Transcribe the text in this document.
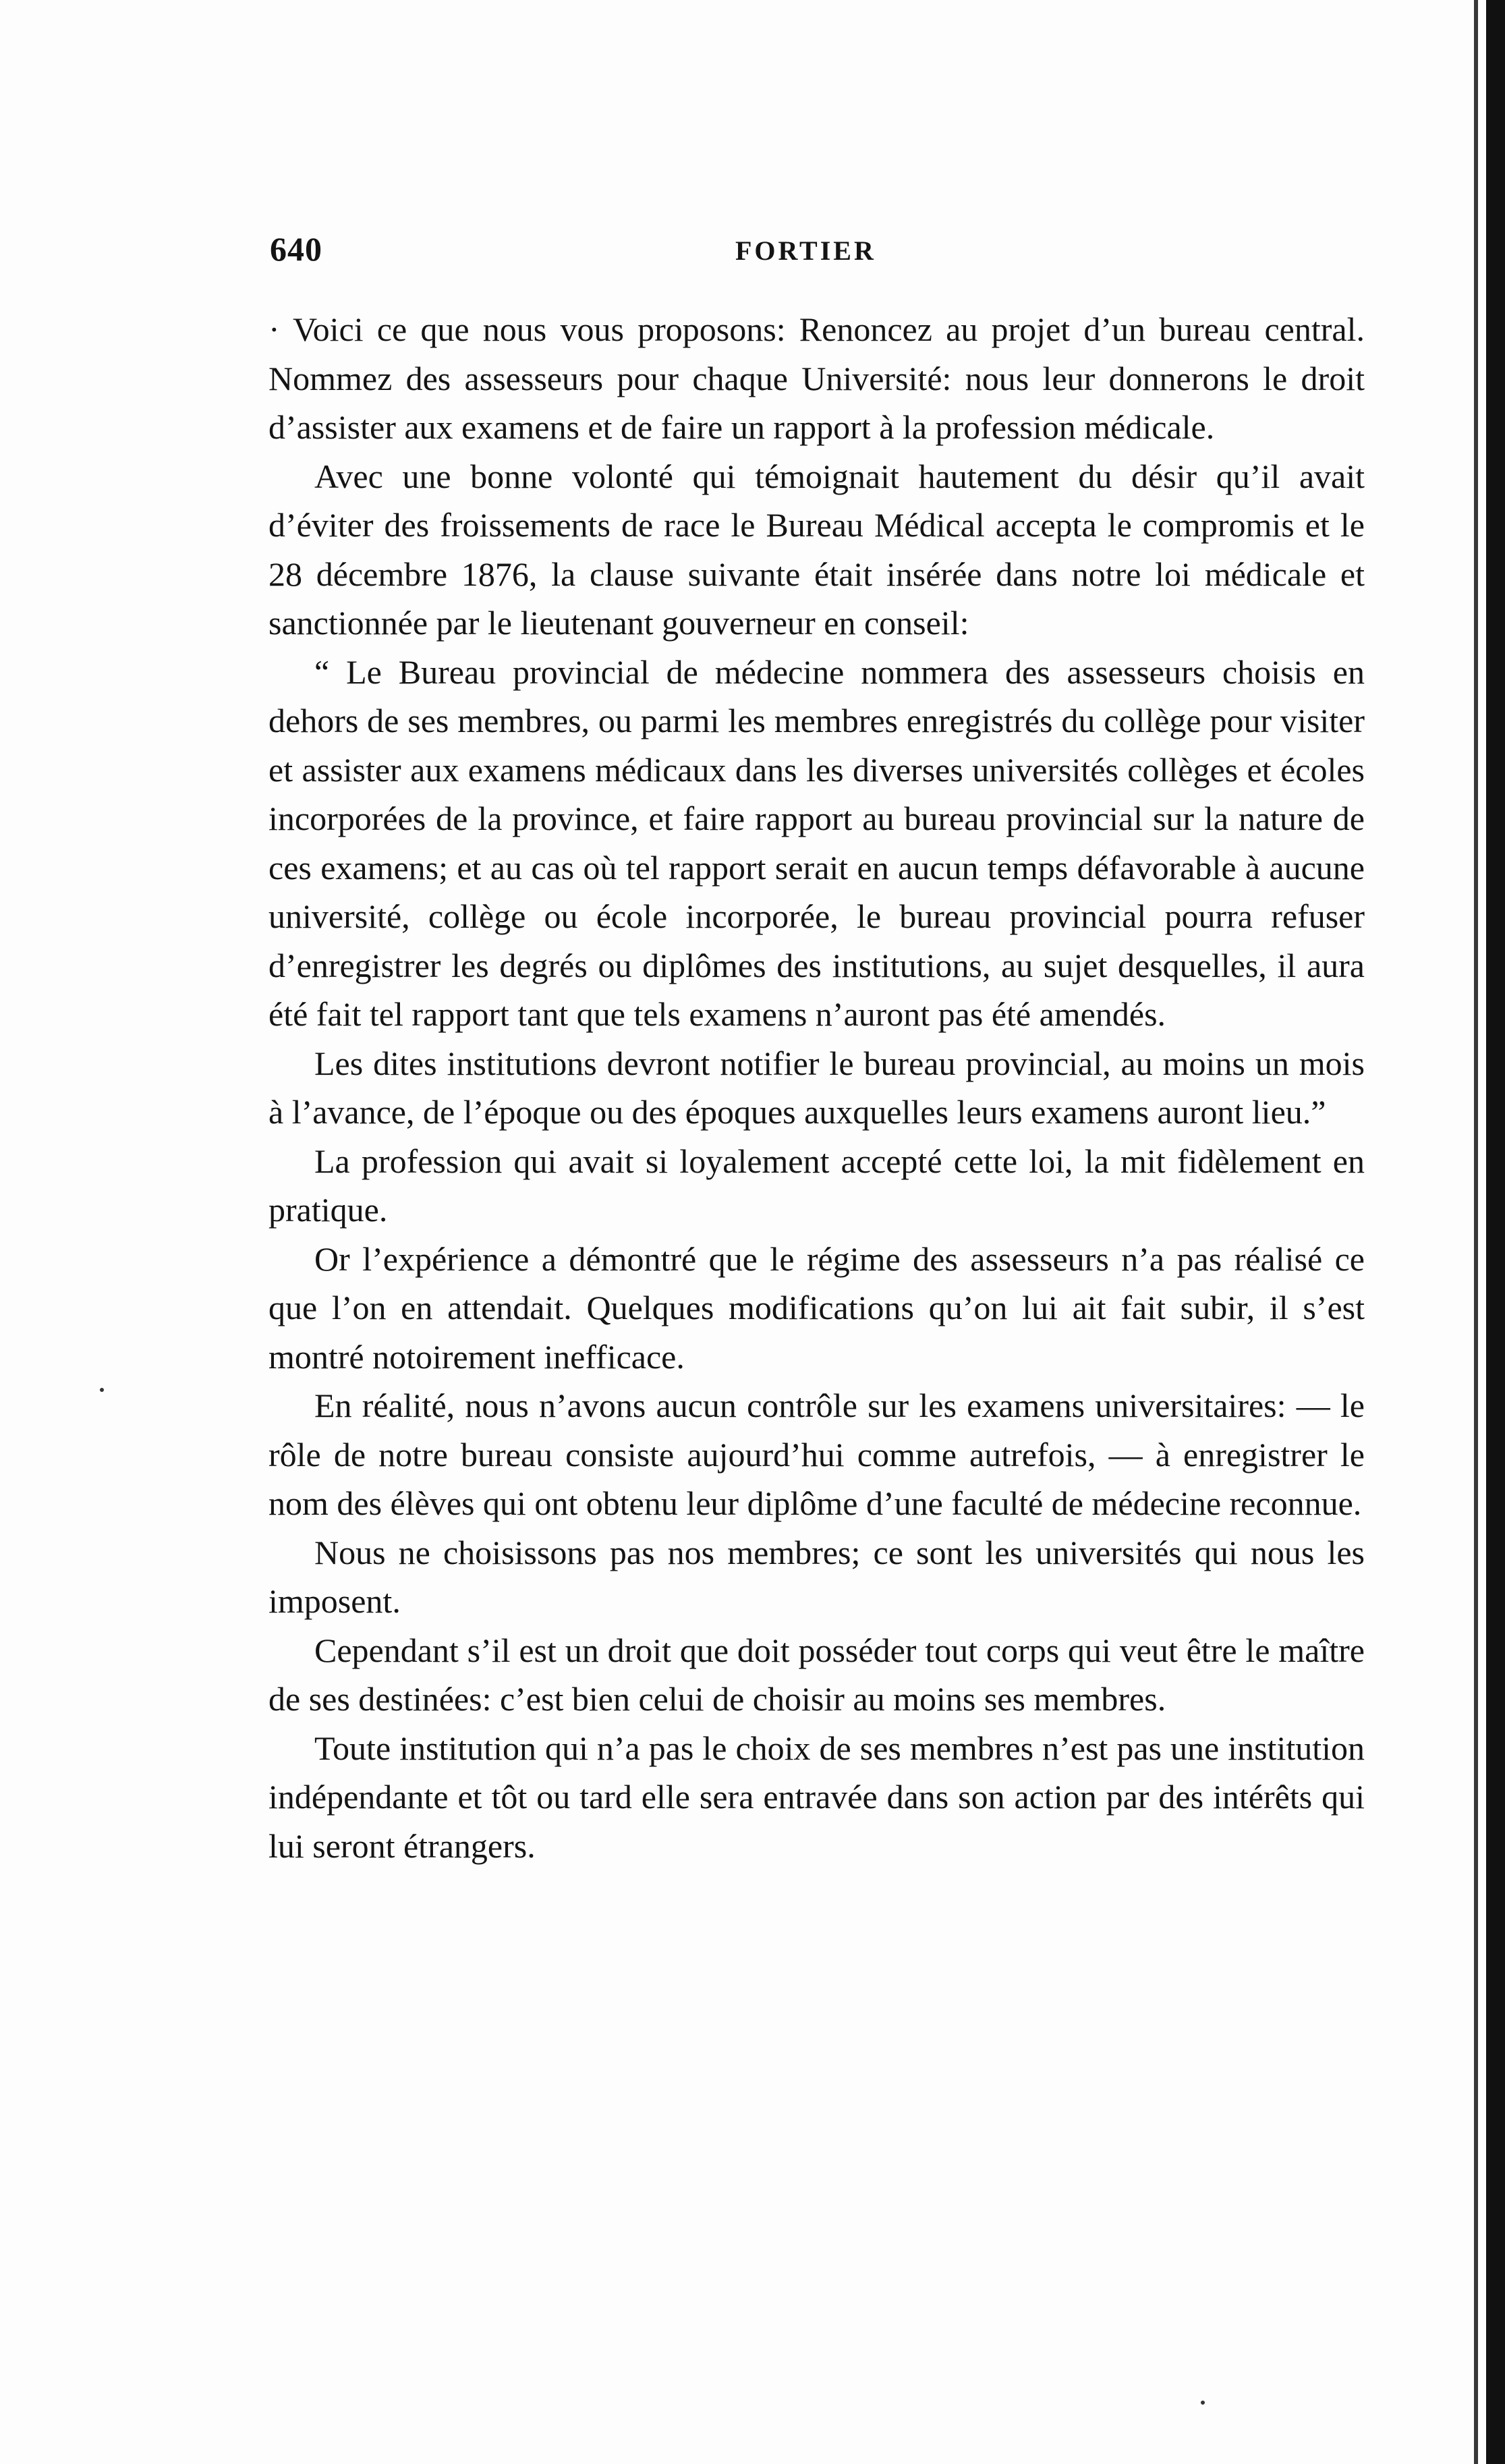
640	FORTIER

· Voici ce que nous vous proposons: Renoncez au projet d’un bureau central. Nommez des assesseurs pour chaque Université: nous leur donnerons le droit d’assister aux examens et de faire un rapport à la profession médicale.

Avec une bonne volonté qui témoignait hautement du désir qu’il avait d’éviter des froissements de race le Bureau Médical accepta le compromis et le 28 décembre 1876, la clause suivante était insérée dans notre loi médicale et sanctionnée par le lieutenant gouverneur en conseil:

“ Le Bureau provincial de médecine nommera des assesseurs choisis en dehors de ses membres, ou parmi les membres enregistrés du collège pour visiter et assister aux examens médicaux dans les diverses universités collèges et écoles incorporées de la province, et faire rapport au bureau provincial sur la nature de ces examens; et au cas où tel rapport serait en aucun temps défavorable à aucune université, collège ou école incorporée, le bureau provincial pourra refuser d’enregistrer les degrés ou diplômes des institutions, au sujet desquelles, il aura été fait tel rapport tant que tels examens n’auront pas été amendés.

Les dites institutions devront notifier le bureau provincial, au moins un mois à l’avance, de l’époque ou des époques auxquelles leurs examens auront lieu.”

La profession qui avait si loyalement accepté cette loi, la mit fidèlement en pratique.

Or l’expérience a démontré que le régime des assesseurs n’a pas réalisé ce que l’on en attendait. Quelques modifications qu’on lui ait fait subir, il s’est montré notoirement inefficace.

En réalité, nous n’avons aucun contrôle sur les examens universitaires: — le rôle de notre bureau consiste aujourd’hui comme autrefois, — à enregistrer le nom des élèves qui ont obtenu leur diplôme d’une faculté de médecine reconnue.

Nous ne choisissons pas nos membres; ce sont les universités qui nous les imposent.

Cependant s’il est un droit que doit posséder tout corps qui veut être le maître de ses destinées: c’est bien celui de choisir au moins ses membres.

Toute institution qui n’a pas le choix de ses membres n’est pas une institution indépendante et tôt ou tard elle sera entravée dans son action par des intérêts qui lui seront étrangers.
